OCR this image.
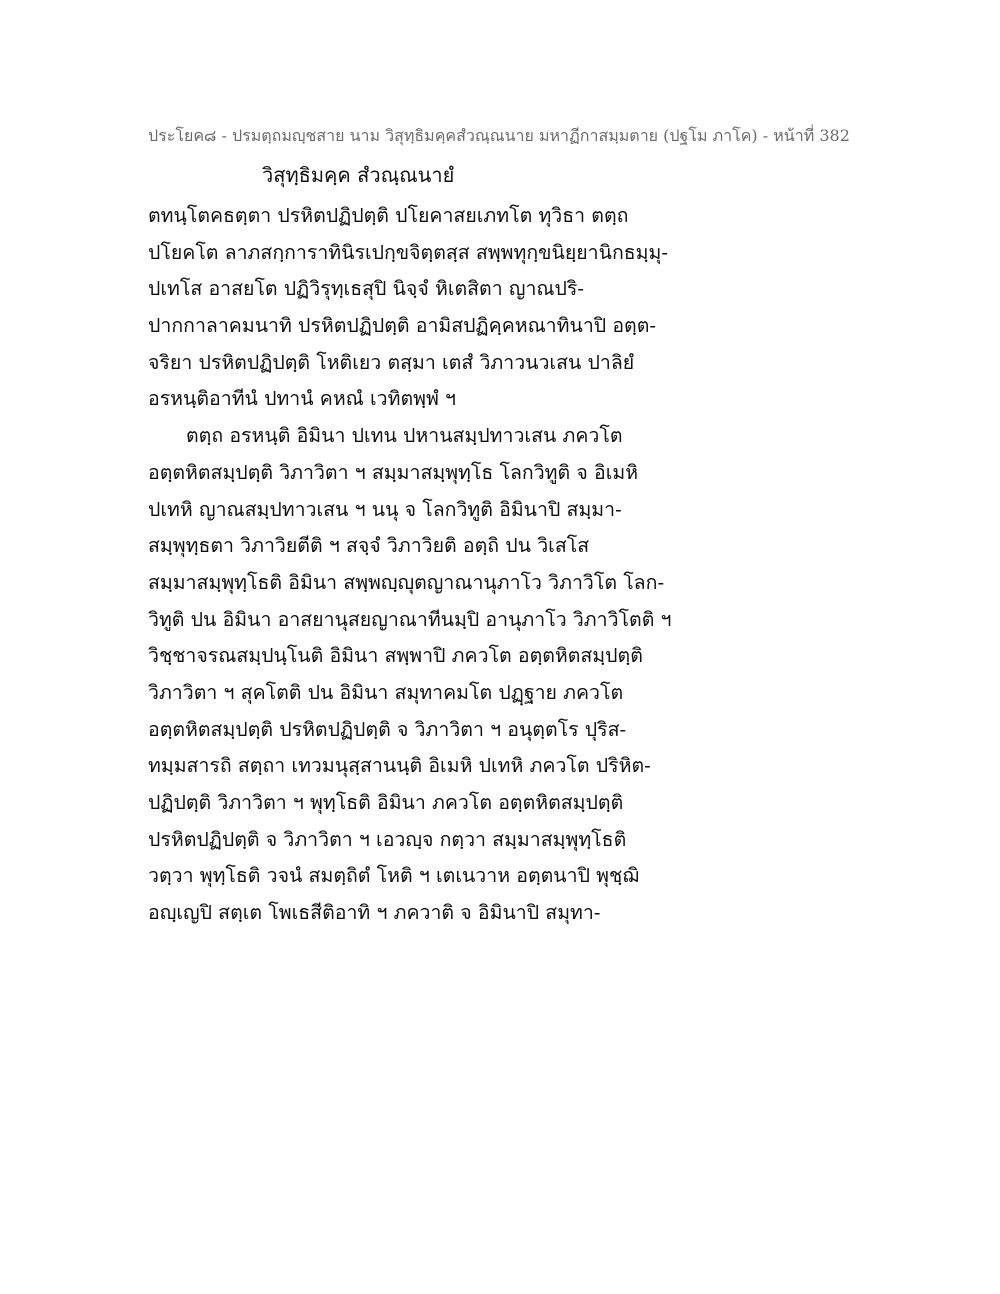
ประโยค๘ - ปรมตฺถมญฺชสาย นาม วิสุทฺธิมคฺคสํวณฺณนาย มหาฏีกาสมฺมตาย (ปฐโม ภาโค) - หน้าที่ 382
วิสุทฺธิมคฺค สํวณฺณนายํ
ตทนฺโตคธตฺตา ปรหิตปฏิปตฺติ ปโยคาสยเภทโต ทุวิธา ตตฺถ
ปโยคโต ลาภสกฺการาทินิรเปกฺขจิตฺตสฺส สพฺพทุกฺขนิยฺยานิกธมฺมุ-
ปเทโส อาสยโต ปฏิวิรุทฺเธสุปิ นิจฺจํ หิเตสิตา ญาณปริ-
ปากกาลาคมนาทิ ปรหิตปฏิปตฺติ อามิสปฏิคฺคหณาทินาปิ อตฺต-
จริยา ปรหิตปฏิปตฺติ โหติเยว ตสฺมา เตสํ วิภาวนวเสน ปาลิยํ
อรหนฺติอาทีนํ ปทานํ คหณํ เวทิตพฺพํ ฯ
ตตฺถ อรหนฺติ อิมินา ปเทน ปหานสมฺปทาวเสน ภควโต
อตฺตหิตสมฺปตฺติ วิภาวิตา ฯ สมฺมาสมฺพุทฺโธ โลกวิทูติ จ อิเมหิ
ปเทหิ ญาณสมฺปทาวเสน ฯ นนุ จ โลกวิทูติ อิมินาปิ สมฺมา-
สมฺพุทฺธตา วิภาวิยตีติ ฯ สจฺจํ วิภาวิยติ อตฺถิ ปน วิเสโส
สมฺมาสมฺพุทฺโธติ อิมินา สพฺพญฺญุตญาณานุภาโว วิภาวิโต โลก-
วิทูติ ปน อิมินา อาสยานุสยญาณาทีนมฺปิ อานุภาโว วิภาวิโตติ ฯ
วิชฺชาจรณสมฺปนฺโนติ อิมินา สพฺพาปิ ภควโต อตฺตหิตสมฺปตฺติ
วิภาวิตา ฯ สุคโตติ ปน อิมินา สมุทาคมโต ปฏฺฐาย ภควโต
อตฺตหิตสมฺปตฺติ ปรหิตปฏิปตฺติ จ วิภาวิตา ฯ อนุตฺตโร ปุริส-
ทมฺมสารถิ สตฺถา เทวมนุสฺสานนฺติ อิเมหิ ปเทหิ ภควโต ปริหิต-
ปฏิปตฺติ วิภาวิตา ฯ พุทฺโธติ อิมินา ภควโต อตฺตหิตสมฺปตฺติ
ปรหิตปฏิปตฺติ จ วิภาวิตา ฯ เอวญฺจ กตฺวา สมฺมาสมฺพุทฺโธติ
วตฺวา พุทฺโธติ วจนํ สมตฺถิตํ โหติ ฯ เตเนวาห อตฺตนาปิ พุชฺฌิ
อญฺเญปิ สตฺเต โพเธสีติอาทิ ฯ ภควาติ จ อิมินาปิ สมุทา-
